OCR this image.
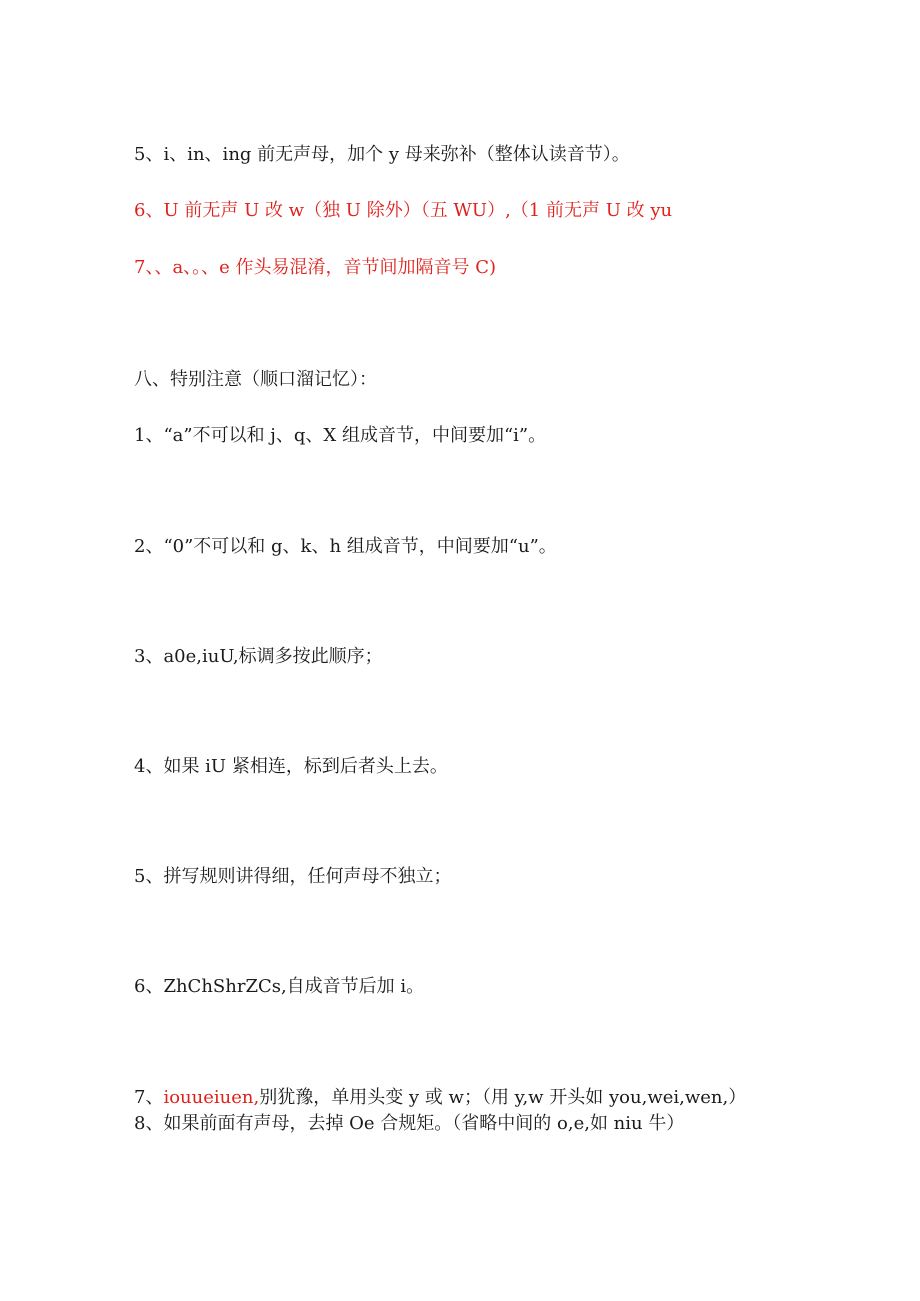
5、i、in、ing 前无声母，加个 y 母来弥补（整体认读音节）。
6、U 前无声 U 改 w（独 U 除外）（五 WU）,（1 前无声 U 改 yu
7、、a、。、e 作头易混淆，音节间加隔音号 C)
八、特别注意（顺口溜记忆）：
1、“a”不可以和 j、q、X 组成音节，中间要加“i”。
2、“0”不可以和 g、k、h 组成音节，中间要加“u”。
3、a0e,iuU,标调多按此顺序；
4、如果 iU 紧相连，标到后者头上去。
5、拼写规则讲得细，任何声母不独立；
6、ZhChShrZCs,自成音节后加 i。
7、iouueiuen,别犹豫，单用头变 y 或 w；（用 y,w 开头如 you,wei,wen,）
8、如果前面有声母，去掉 Oe 合规矩。（省略中间的 o,e,如 niu 牛）
